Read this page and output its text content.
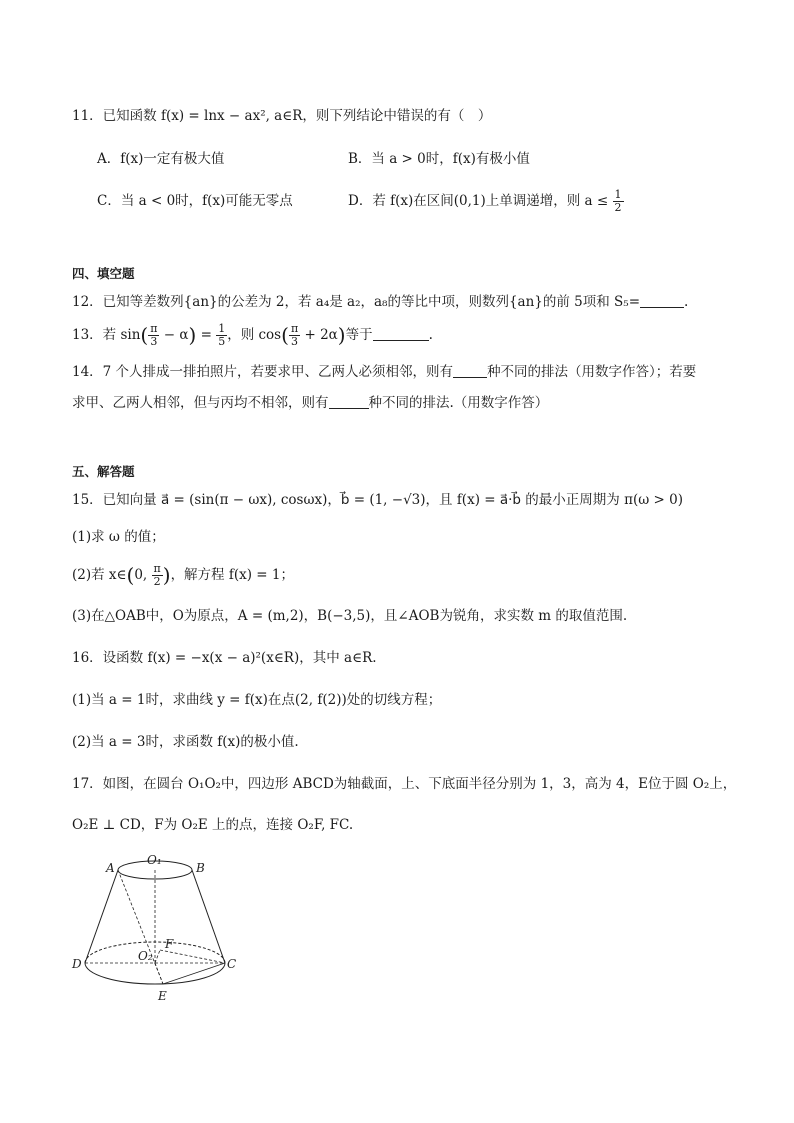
11．已知函数 f(x) = lnx − ax², a∈R，则下列结论中错误的有（　）
A．f(x)一定有极大值	B．当 a > 0时，f(x)有极小值
C．当 a < 0时，f(x)可能无零点	D．若 f(x)在区间(0,1)上单调递增，则 $a \le \frac{1}{2}$
四、填空题
12．已知等差数列{an}的公差为 2，若 a₄是 a₂，a₈的等比中项，则数列{an}的前 5项和 S₅=	.
13．若 $\sin( \frac{\pi}{3} - \alpha) = \frac{1}{5}$ ，则 $\cos( \frac{\pi}{3} + 2\alpha)$等于	.
14．7 个人排成一排拍照片，若要求甲、乙两人必须相邻，则有	种不同的排法（用数字作答）；若要
求甲、乙两人相邻，但与丙均不相邻，则有	种不同的排法.（用数字作答）
五、解答题
15．已知向量 a⃗ = (sin(π − ωx), cosωx)，b⃗ = (1, −√3)，且 f(x) = a⃗·b⃗ 的最小正周期为 π(ω > 0)
(1)求 ω 的值；
(2)若 x∈(0, $\frac{\pi}{2}$ )，解方程 f(x) = 1；
(3)在△OAB中，O为原点，A = (m,2)，B(−3,5)，且∠AOB为锐角，求实数 m 的取值范围.
16．设函数 f(x) = −x(x − a)²(x∈R)，其中 a∈R.
(1)当 a = 1时，求曲线 y = f(x)在点(2, f(2))处的切线方程；
(2)当 a = 3时，求函数 f(x)的极小值.
17．如图，在圆台 O₁O₂中，四边形 ABCD为轴截面，上、下底面半径分别为 1，3，高为 4，E位于圆 O₂上，
O₂E ⊥ CD，F为 O₂E 上的点，连接 O₂F, FC.
A	B
O₁
D	C
F
O₂
E
